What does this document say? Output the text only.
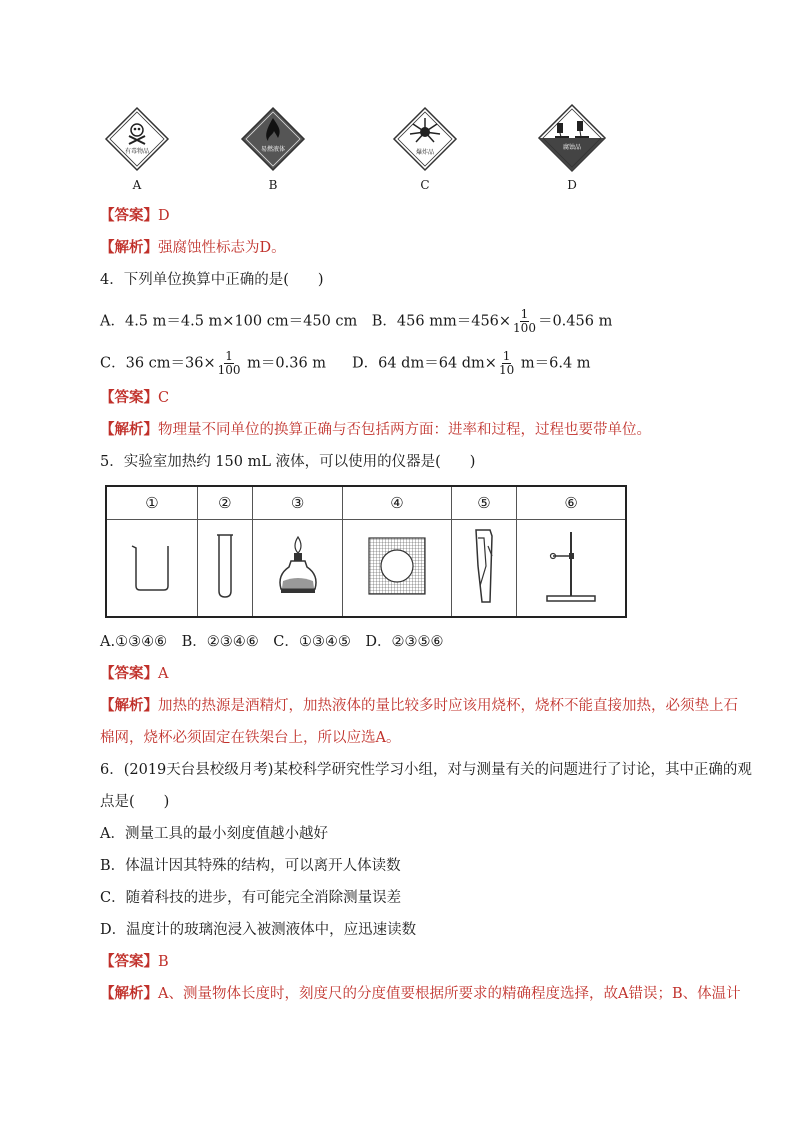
有毒物品
A
易燃液体
B
爆炸品
C
腐蚀品
D
【答案】D
【解析】强腐蚀性标志为D。
4．下列单位换算中正确的是(　　)
A．4.5 m＝4.5 m×100 cm＝450 cm　 B．456 $mm=456\times \frac{1}{100} =0.456$ m
C．36 $cm=36\times \frac{1}{100} m=0.36$ m D．64 dm＝64 $dm\times \frac{1}{10} m=6.4$ m
【答案】C
【解析】物理量不同单位的换算正确与否包括两方面：进率和过程，过程也要带单位。
5．实验室加热约 150 mL 液体，可以使用的仪器是(　　)
①	②	③	④	⑤	⑥

A.①③④⑥　B．②③④⑥　C．①③④⑤　D．②③⑤⑥
【答案】A
【解析】加热的热源是酒精灯，加热液体的量比较多时应该用烧杯，烧杯不能直接加热，必须垫上石
棉网，烧杯必须固定在铁架台上，所以应选A。
6．(2019天台县校级月考)某校科学研究性学习小组，对与测量有关的问题进行了讨论，其中正确的观
点是(　　)
A．测量工具的最小刻度值越小越好
B．体温计因其特殊的结构，可以离开人体读数
C．随着科技的进步，有可能完全消除测量误差
D．温度计的玻璃泡浸入被测液体中，应迅速读数
【答案】B
【解析】A、测量物体长度时，刻度尺的分度值要根据所要求的精确程度选择，故A错误；B、体温计
